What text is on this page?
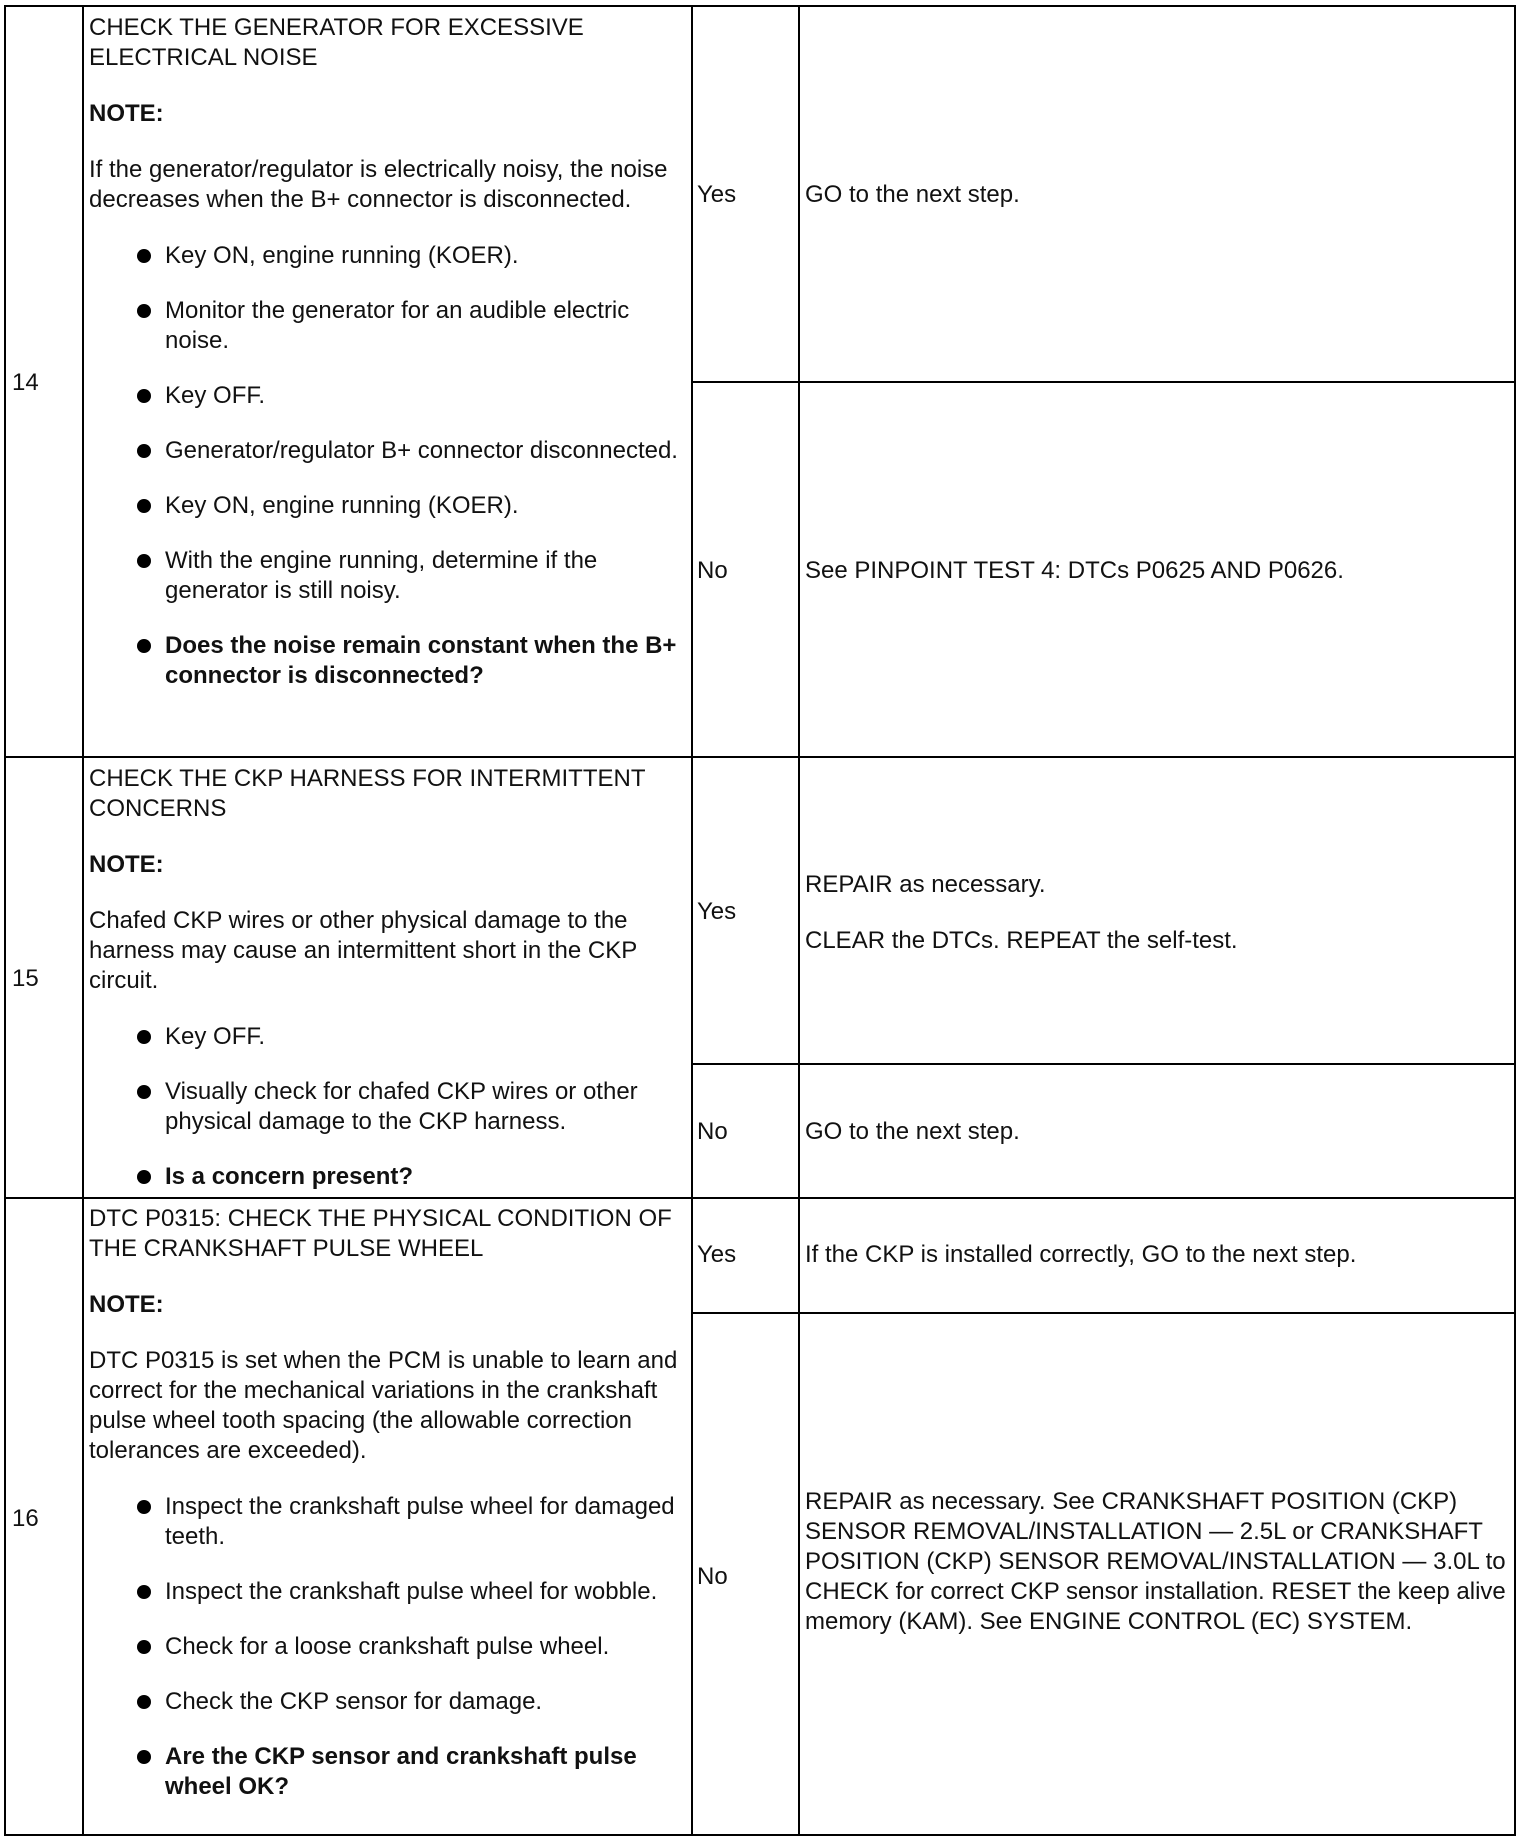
14
CHECK THE GENERATOR FOR EXCESSIVE ELECTRICAL NOISE
NOTE:
If the generator/regulator is electrically noisy, the noise decreases when the B+ connector is disconnected.
Key ON, engine running (KOER).
Monitor the generator for an audible electric noise.
Key OFF.
Generator/regulator B+ connector disconnected.
Key ON, engine running (KOER).
With the engine running, determine if the generator is still noisy.
Does the noise remain constant when the B+ connector is disconnected?
Yes	GO to the next step.
No	See PINPOINT TEST 4: DTCs P0625 AND P0626.
15
CHECK THE CKP HARNESS FOR INTERMITTENT CONCERNS
NOTE:
Chafed CKP wires or other physical damage to the harness may cause an intermittent short in the CKP circuit.
Key OFF.
Visually check for chafed CKP wires or other physical damage to the CKP harness.
Is a concern present?
Yes
REPAIR as necessary.
CLEAR the DTCs. REPEAT the self-test.
No	GO to the next step.
16
DTC P0315: CHECK THE PHYSICAL CONDITION OF THE CRANKSHAFT PULSE WHEEL
NOTE:
DTC P0315 is set when the PCM is unable to learn and correct for the mechanical variations in the crankshaft pulse wheel tooth spacing (the allowable correction tolerances are exceeded).
Inspect the crankshaft pulse wheel for damaged teeth.
Inspect the crankshaft pulse wheel for wobble.
Check for a loose crankshaft pulse wheel.
Check the CKP sensor for damage.
Are the CKP sensor and crankshaft pulse wheel OK?
Yes	If the CKP is installed correctly, GO to the next step.
No
REPAIR as necessary. See CRANKSHAFT POSITION (CKP) SENSOR REMOVAL/INSTALLATION — 2.5L or CRANKSHAFT POSITION (CKP) SENSOR REMOVAL/INSTALLATION — 3.0L to CHECK for correct CKP sensor installation. RESET the keep alive memory (KAM). See ENGINE CONTROL (EC) SYSTEM.
